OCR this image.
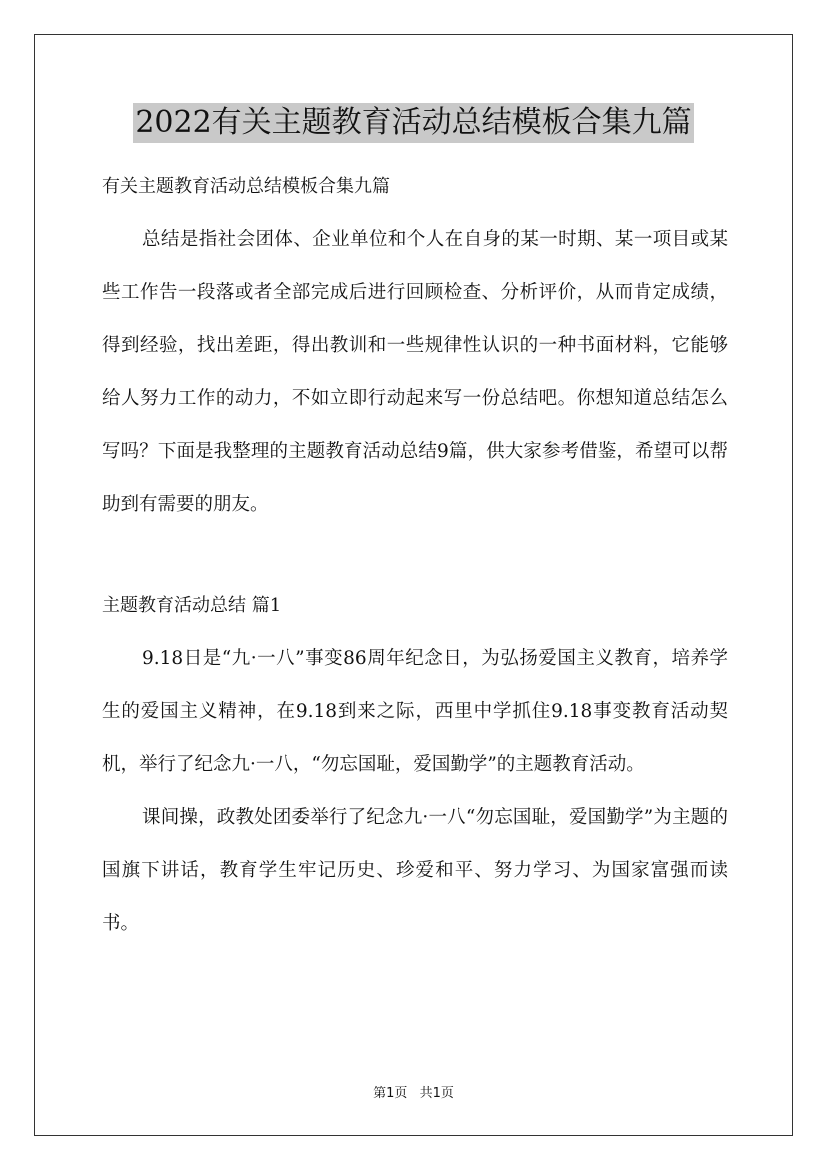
2022有关主题教育活动总结模板合集九篇
有关主题教育活动总结模板合集九篇

总结是指社会团体、企业单位和个人在自身的某一时期、某一项目或某些工作告一段落或者全部完成后进行回顾检查、分析评价，从而肯定成绩，得到经验，找出差距，得出教训和一些规律性认识的一种书面材料，它能够给人努力工作的动力，不如立即行动起来写一份总结吧。你想知道总结怎么写吗？下面是我整理的主题教育活动总结9篇，供大家参考借鉴，希望可以帮助到有需要的朋友。

主题教育活动总结 篇1

9.18日是“九·一八”事变86周年纪念日，为弘扬爱国主义教育，培养学生的爱国主义精神，在9.18到来之际，西里中学抓住9.18事变教育活动契机，举行了纪念九·一八，“勿忘国耻，爱国勤学”的主题教育活动。

课间操，政教处团委举行了纪念九·一八“勿忘国耻，爱国勤学”为主题的国旗下讲话，教育学生牢记历史、珍爱和平、努力学习、为国家富强而读书。

第1页 共1页
